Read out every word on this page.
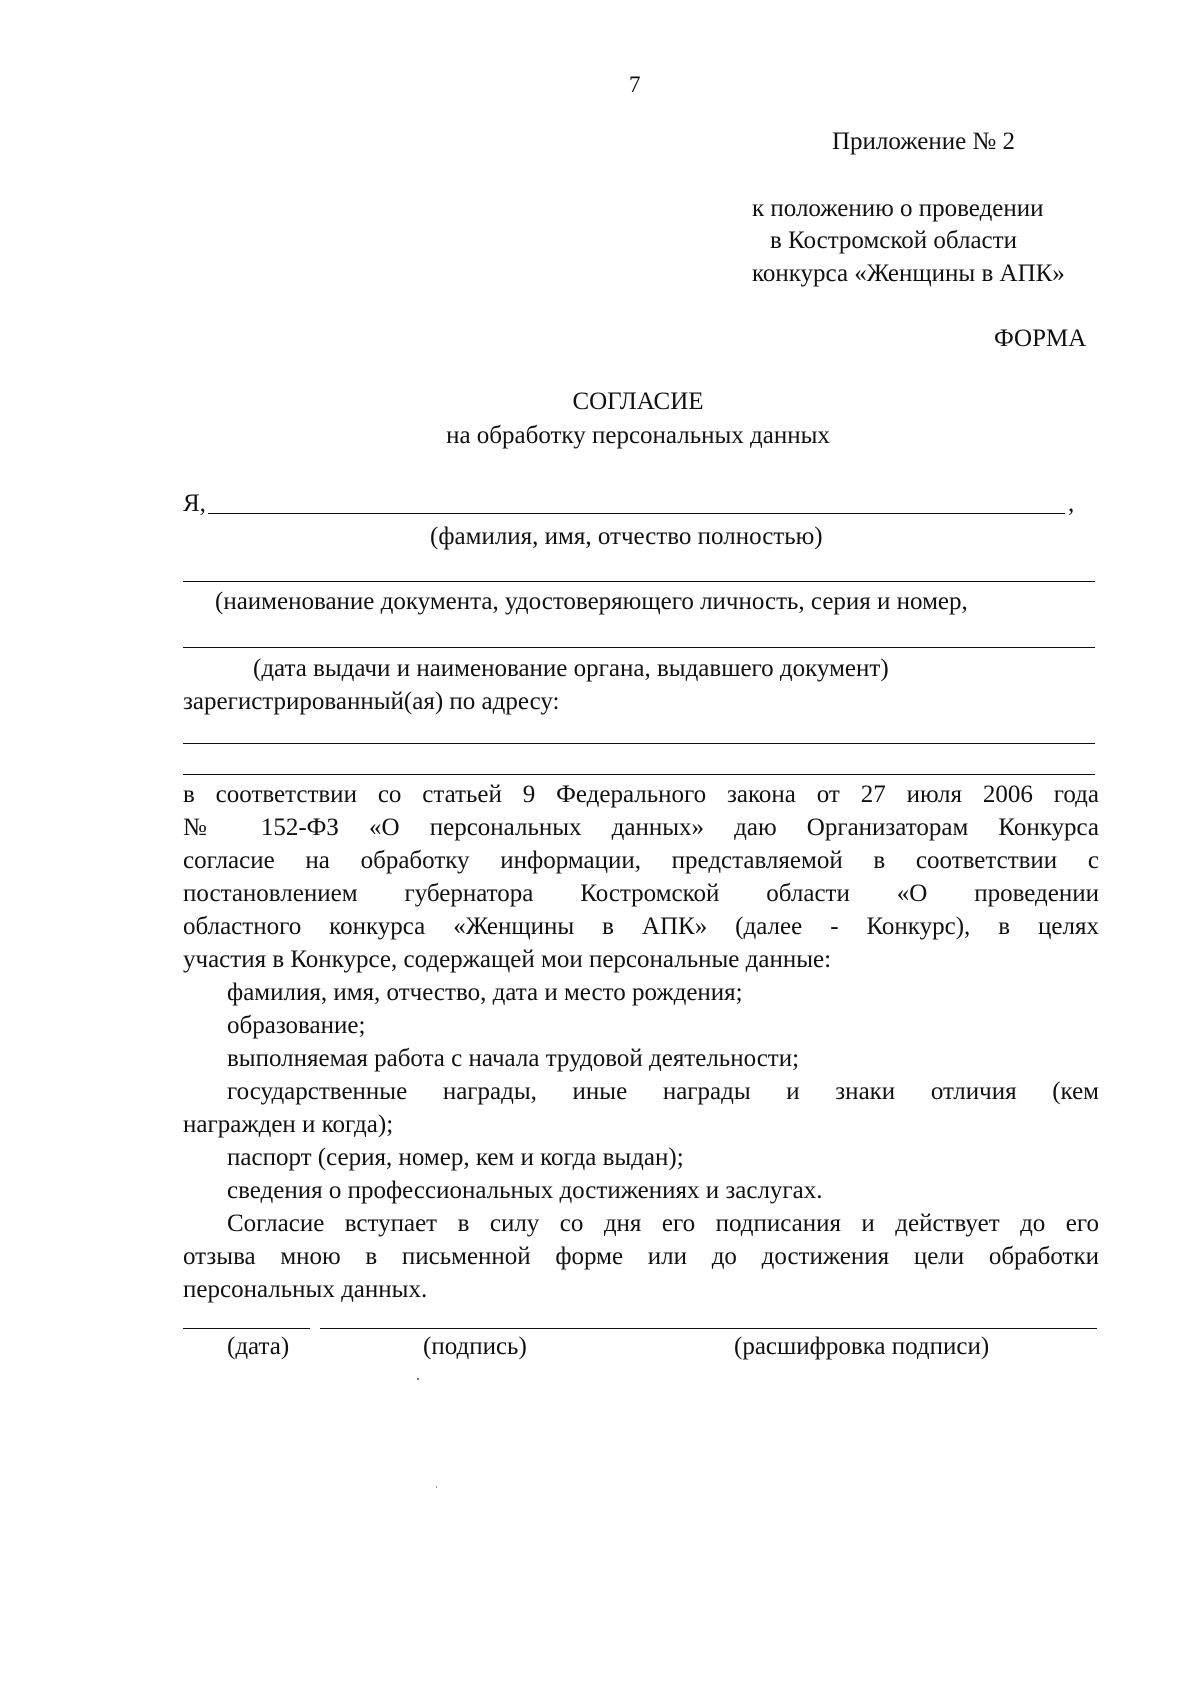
7
Приложение № 2
к положению о проведении
в Костромской области
конкурса «Женщины в АПК»
ФОРМА
СОГЛАСИЕ
на обработку персональных данных
Я,	,
(фамилия, имя, отчество полностью)
(наименование документа, удостоверяющего личность, серия и номер,
(дата выдачи и наименование органа, выдавшего документ)
зарегистрированный(ая) по адресу:

в соответствии со статьей 9 Федерального закона от 27 июля 2006 года

№ 152-ФЗ «О персональных данных» даю Организаторам Конкурса

согласие на обработку информации, представляемой в соответствии с

постановлением губернатора Костромской области «О проведении

областного конкурса «Женщины в АПК» (далее - Конкурс), в целях

участия в Конкурсе, содержащей мои персональные данные:

фамилия, имя, отчество, дата и место рождения;

образование;

выполняемая работа с начала трудовой деятельности;

государственные награды, иные награды и знаки отличия (кем

награжден и когда);

паспорт (серия, номер, кем и когда выдан);

сведения о профессиональных достижениях и заслугах.

Согласие вступает в силу со дня его подписания и действует до его

отзыва мною в письменной форме или до достижения цели обработки

персональных данных.

(дата)	(подпись)	(расшифровка подписи)
